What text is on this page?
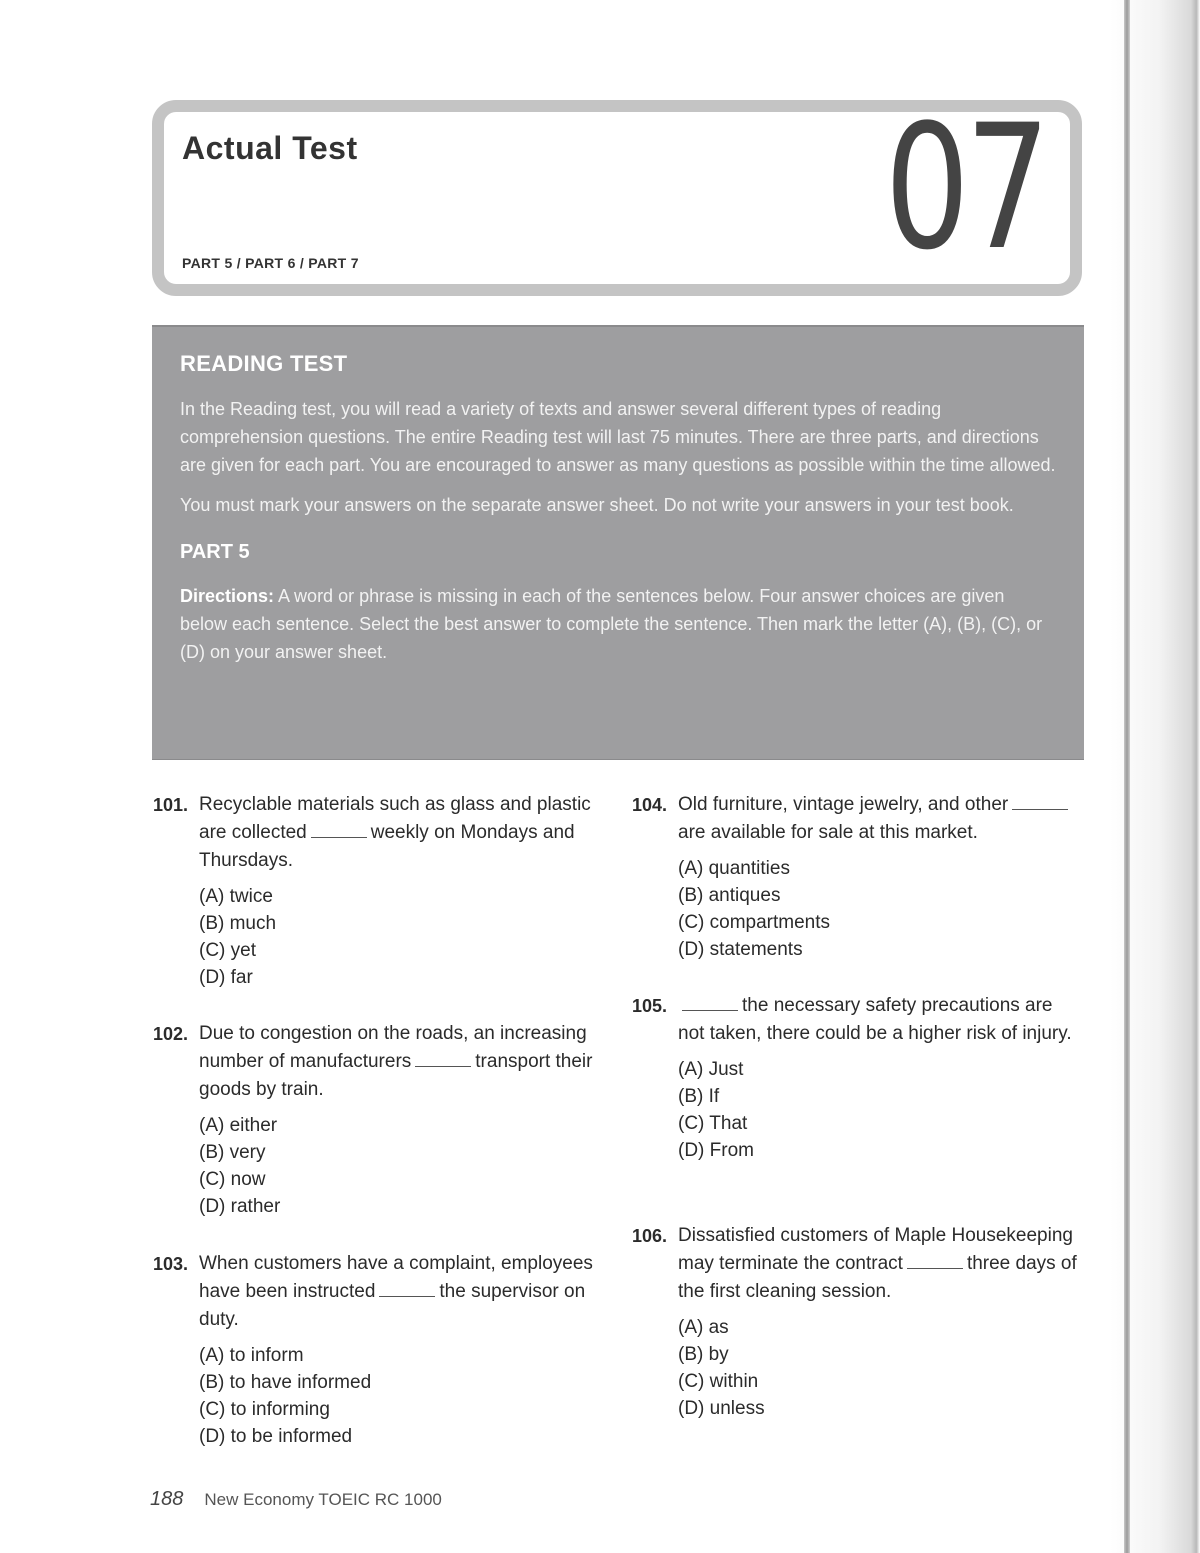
Actual Test
PART 5 / PART 6 / PART 7	07
READING TEST

In the Reading test, you will read a variety of texts and answer several different types of reading comprehension questions. The entire Reading test will last 75 minutes. There are three parts, and directions are given for each part. You are encouraged to answer as many questions as possible within the time allowed.

You must mark your answers on the separate answer sheet. Do not write your answers in your test book.

PART 5

Directions: A word or phrase is missing in each of the sentences below. Four answer choices are given below each sentence. Select the best answer to complete the sentence. Then mark the letter (A), (B), (C), or (D) on your answer sheet.

101. Recyclable materials such as glass and plastic are collected	weekly on Mondays and Thursdays.
(A) twice
(B) much
(C) yet
(D) far
102. Due to congestion on the roads, an increasing number of manufacturers	transport their goods by train.
(A) either
(B) very
(C) now
(D) rather
103. When customers have a complaint, employees have been instructed	the supervisor on duty.
(A) to inform
(B) to have informed
(C) to informing
(D) to be informed
104. Old furniture, vintage jewelry, and otherare available for sale at this market.
(A) quantities
(B) antiques
(C) compartments
(D) statements
105.	the necessary safety precautions are not taken, there could be a higher risk of injury.
(A) Just
(B) If
(C) That
(D) From
106. Dissatisfied customers of Maple Housekeeping may terminate the contract	three days of the first cleaning session.
(A) as
(B) by
(C) within
(D) unless
188 New Economy TOEIC RC 1000
